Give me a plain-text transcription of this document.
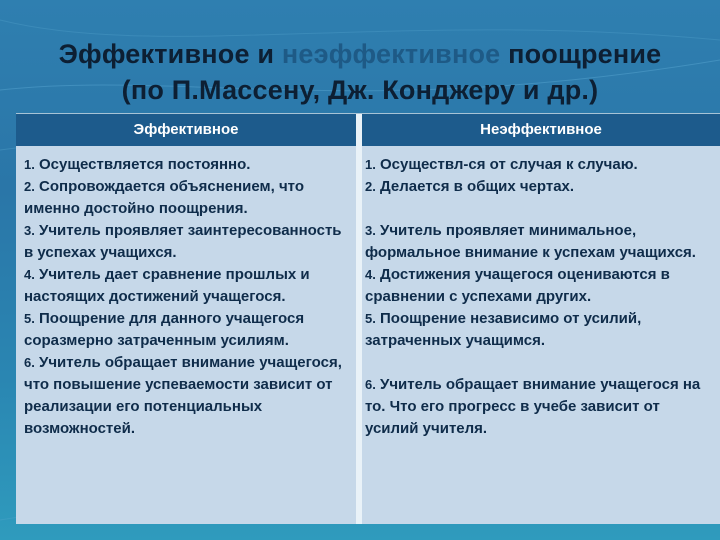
Эффективное и неэффективное поощрение
(по П.Массену, Дж. Конджеру и др.)
Эффективное	Неэффективное

1. Осуществляется постоянно.

2. Сопровождается объяснением, что именно достойно поощрения.

3. Учитель проявляет заинтересованность в успехах учащихся.

4. Учитель дает сравнение прошлых и настоящих достижений учащегося.

5. Поощрение для данного учащегося соразмерно затраченным усилиям.

6. Учитель обращает внимание учащегося, что повышение успеваемости зависит от реализации его потенциальных возможностей.

1. Осуществл-ся от случая к случаю.

2. Делается в общих чертах.

3. Учитель проявляет минимальное, формальное внимание к успехам учащихся.

4. Достижения учащегося оцениваются в сравнении с успехами других.

5. Поощрение независимо от усилий, затраченных учащимся.

6. Учитель обращает внимание учащегося на то. Что его прогресс в учебе зависит от усилий учителя.
